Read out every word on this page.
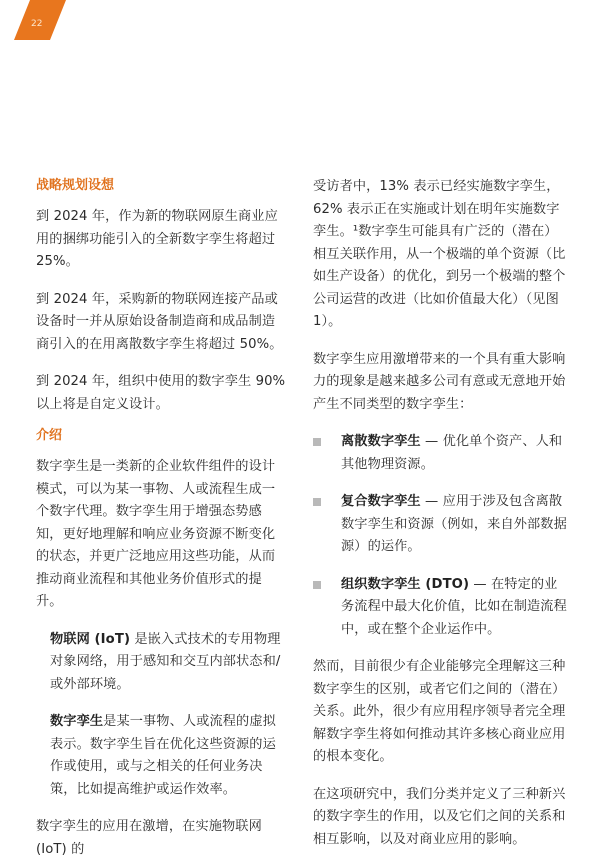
22
战略规划设想

到 2024 年，作为新的物联网原生商业应用的捆绑功能引入的全新数字孪生将超过 25%。

到 2024 年，采购新的物联网连接产品或设备时一并从原始设备制造商和成品制造商引入的在用离散数字孪生将超过 50%。

到 2024 年，组织中使用的数字孪生 90% 以上将是自定义设计。

介绍

数字孪生是一类新的企业软件组件的设计模式，可以为某一事物、人或流程生成一个数字代理。数字孪生用于增强态势感知，更好地理解和响应业务资源不断变化的状态，并更广泛地应用这些功能，从而推动商业流程和其他业务价值形式的提升。

物联网 (IoT) 是嵌入式技术的专用物理对象网络，用于感知和交互内部状态和/或外部环境。

数字孪生是某一事物、人或流程的虚拟表示。数字孪生旨在优化这些资源的运作或使用，或与之相关的任何业务决策，比如提高维护或运作效率。

数字孪生的应用在激增，在实施物联网 (IoT) 的

受访者中，13% 表示已经实施数字孪生，62% 表示正在实施或计划在明年实施数字孪生。¹数字孪生可能具有广泛的（潜在）相互关联作用，从一个极端的单个资源（比如生产设备）的优化，到另一个极端的整个公司运营的改进（比如价值最大化）（见图 1）。

数字孪生应用激增带来的一个具有重大影响力的现象是越来越多公司有意或无意地开始产生不同类型的数字孪生：

离散数字孪生 — 优化单个资产、人和其他物理资源。

复合数字孪生 — 应用于涉及包含离散数字孪生和资源（例如，来自外部数据源）的运作。

组织数字孪生 (DTO) — 在特定的业务流程中最大化价值，比如在制造流程中，或在整个企业运作中。

然而，目前很少有企业能够完全理解这三种数字孪生的区别，或者它们之间的（潜在）关系。此外，很少有应用程序领导者完全理解数字孪生将如何推动其许多核心商业应用的根本变化。

在这项研究中，我们分类并定义了三种新兴的数字孪生的作用，以及它们之间的关系和相互影响，以及对商业应用的影响。
